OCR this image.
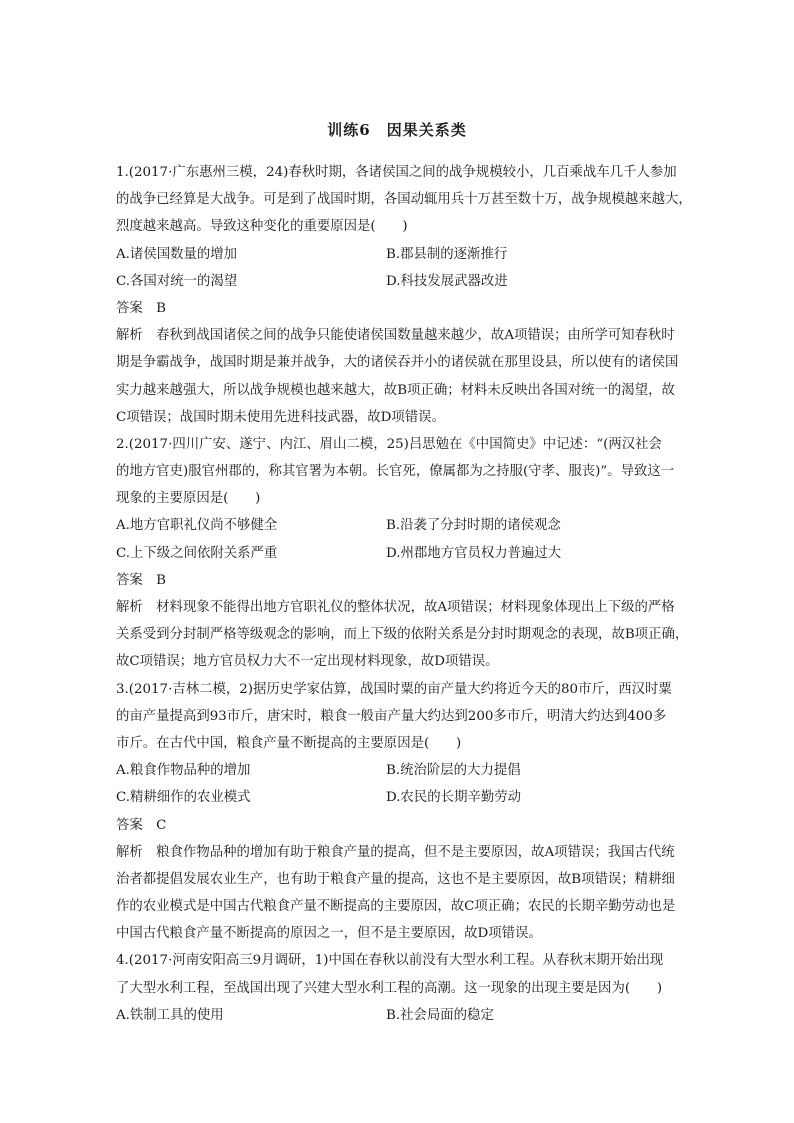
训练6　因果关系类
1.(2017·广东惠州三模，24)春秋时期，各诸侯国之间的战争规模较小，几百乘战车几千人参加
的战争已经算是大战争。可是到了战国时期，各国动辄用兵十万甚至数十万，战争规模越来越大，
烈度越来越高。导致这种变化的重要原因是(　　)
A.诸侯国数量的增加	B.郡县制的逐渐推行
C.各国对统一的渴望	D.科技发展武器改进
答案　B
解析　春秋到战国诸侯之间的战争只能使诸侯国数量越来越少，故A项错误；由所学可知春秋时
期是争霸战争，战国时期是兼并战争，大的诸侯吞并小的诸侯就在那里设县，所以使有的诸侯国
实力越来越强大，所以战争规模也越来越大，故B项正确；材料未反映出各国对统一的渴望，故
C项错误；战国时期未使用先进科技武器，故D项错误。
2.(2017·四川广安、遂宁、内江、眉山二模，25)吕思勉在《中国简史》中记述：“(两汉社会
的地方官吏)服官州郡的，称其官署为本朝。长官死，僚属都为之持服(守孝、服丧)”。导致这一
现象的主要原因是(　　)
A.地方官职礼仪尚不够健全	B.沿袭了分封时期的诸侯观念
C.上下级之间依附关系严重	D.州郡地方官员权力普遍过大
答案　B
解析　材料现象不能得出地方官职礼仪的整体状况，故A项错误；材料现象体现出上下级的严格
关系受到分封制严格等级观念的影响，而上下级的依附关系是分封时期观念的表现，故B项正确，
故C项错误；地方官员权力大不一定出现材料现象，故D项错误。
3.(2017·吉林二模，2)据历史学家估算，战国时粟的亩产量大约将近今天的80市斤，西汉时粟
的亩产量提高到93市斤，唐宋时，粮食一般亩产量大约达到200多市斤，明清大约达到400多
市斤。在古代中国，粮食产量不断提高的主要原因是(　　)
A.粮食作物品种的增加	B.统治阶层的大力提倡
C.精耕细作的农业模式	D.农民的长期辛勤劳动
答案　C
解析　粮食作物品种的增加有助于粮食产量的提高，但不是主要原因，故A项错误；我国古代统
治者都提倡发展农业生产，也有助于粮食产量的提高，这也不是主要原因，故B项错误；精耕细
作的农业模式是中国古代粮食产量不断提高的主要原因，故C项正确；农民的长期辛勤劳动也是
中国古代粮食产量不断提高的原因之一，但不是主要原因，故D项错误。
4.(2017·河南安阳高三9月调研，1)中国在春秋以前没有大型水利工程。从春秋末期开始出现
了大型水利工程，至战国出现了兴建大型水利工程的高潮。这一现象的出现主要是因为(　　)
A.铁制工具的使用	B.社会局面的稳定
